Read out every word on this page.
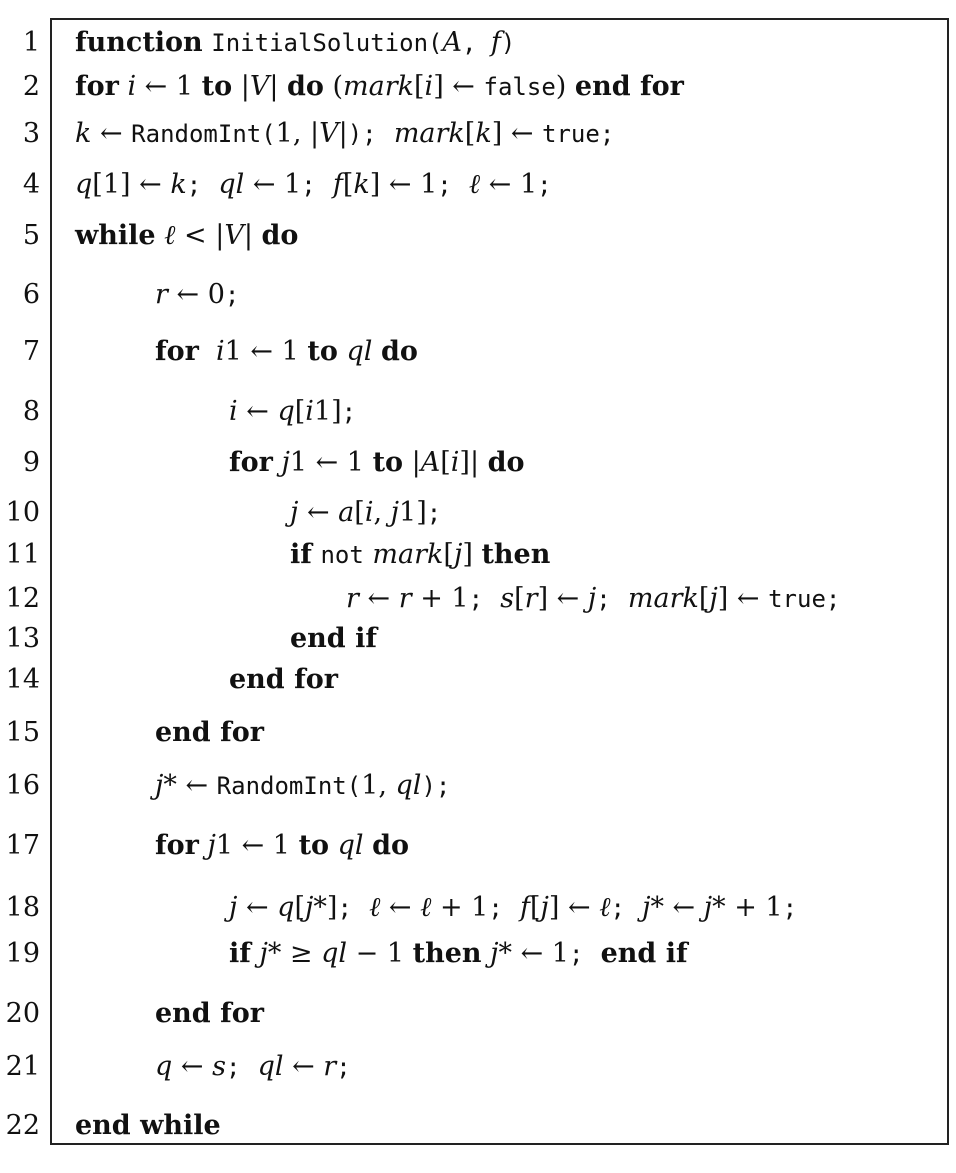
1 function InitialSolution(A, f)
2 for i ← 1 to |V| do (mark[i] ← false) end for
3 k ← RandomInt(1, |V|); mark[k] ← true;
4 q[1] ← k; ql ← 1; f[k] ← 1; ℓ ← 1;
5 while ℓ < |V| do
6	r ← 0;
7	for i1 ← 1 to ql do
8	i ← q[i1];
9	for j1 ← 1 to |A[i]| do
10	j ← a[i, j1];
11	if not mark[j] then
12	r ← r + 1; s[r] ← j; mark[j] ← true;
13	end if
14	end for
15	end for
16	j* ← RandomInt(1, ql);
17	for j1 ← 1 to ql do
18	j ← q[j*]; ℓ ← ℓ + 1; f[j] ← ℓ; j* ← j* + 1;
19	if j* ≥ ql − 1 then j* ← 1; end if
20	end for
21	q ← s; ql ← r;
22 end while
